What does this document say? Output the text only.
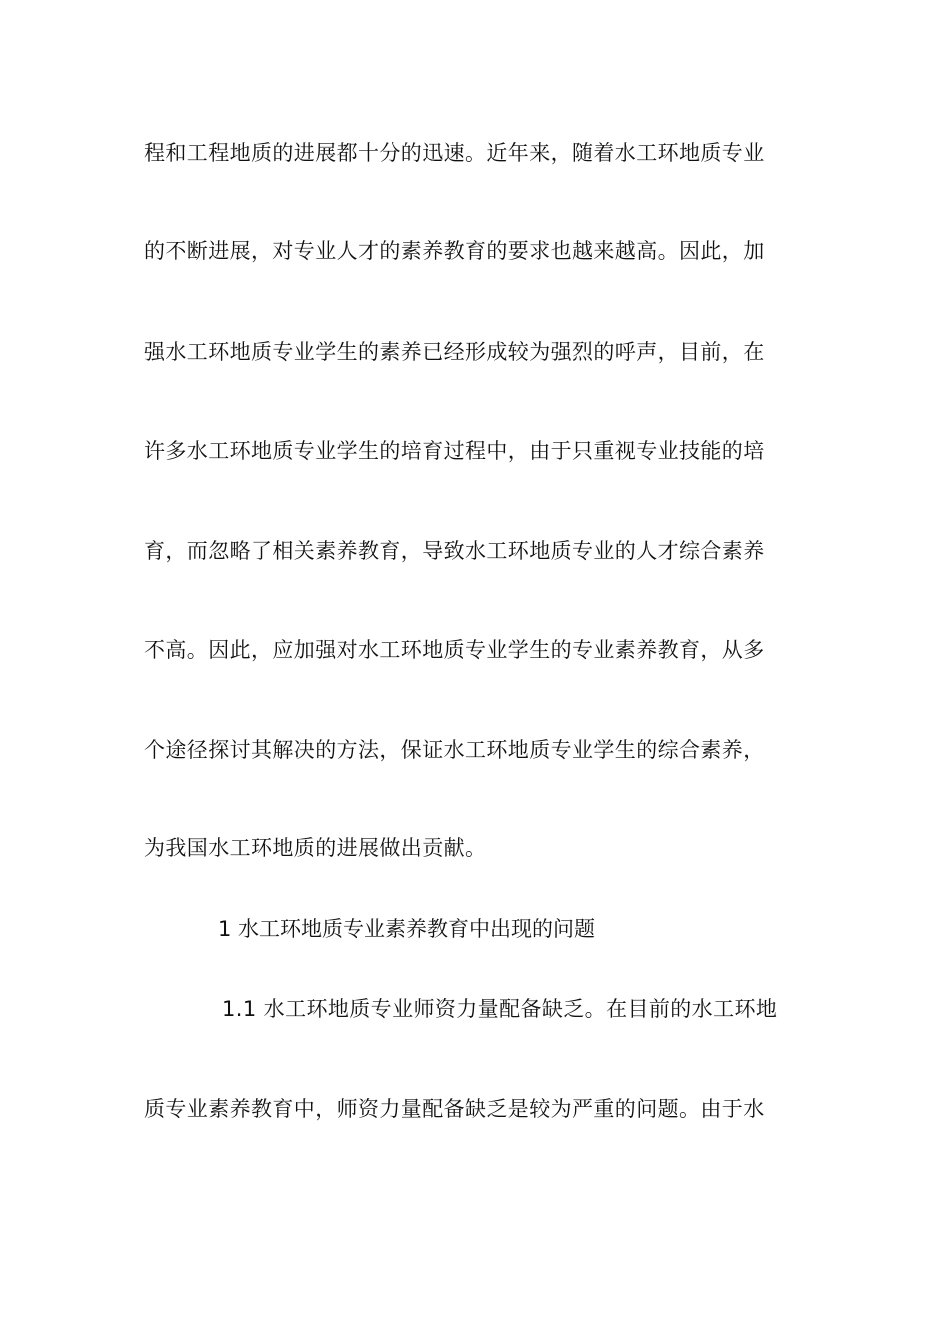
程和工程地质的进展都十分的迅速。近年来，随着水工环地质专业
的不断进展，对专业人才的素养教育的要求也越来越高。因此，加
强水工环地质专业学生的素养已经形成较为强烈的呼声，目前，在
许多水工环地质专业学生的培育过程中，由于只重视专业技能的培
育，而忽略了相关素养教育，导致水工环地质专业的人才综合素养
不高。因此，应加强对水工环地质专业学生的专业素养教育，从多
个途径探讨其解决的方法，保证水工环地质专业学生的综合素养，
为我国水工环地质的进展做出贡献。
1 水工环地质专业素养教育中出现的问题
1.1 水工环地质专业师资力量配备缺乏。在目前的水工环地
质专业素养教育中，师资力量配备缺乏是较为严重的问题。由于水
